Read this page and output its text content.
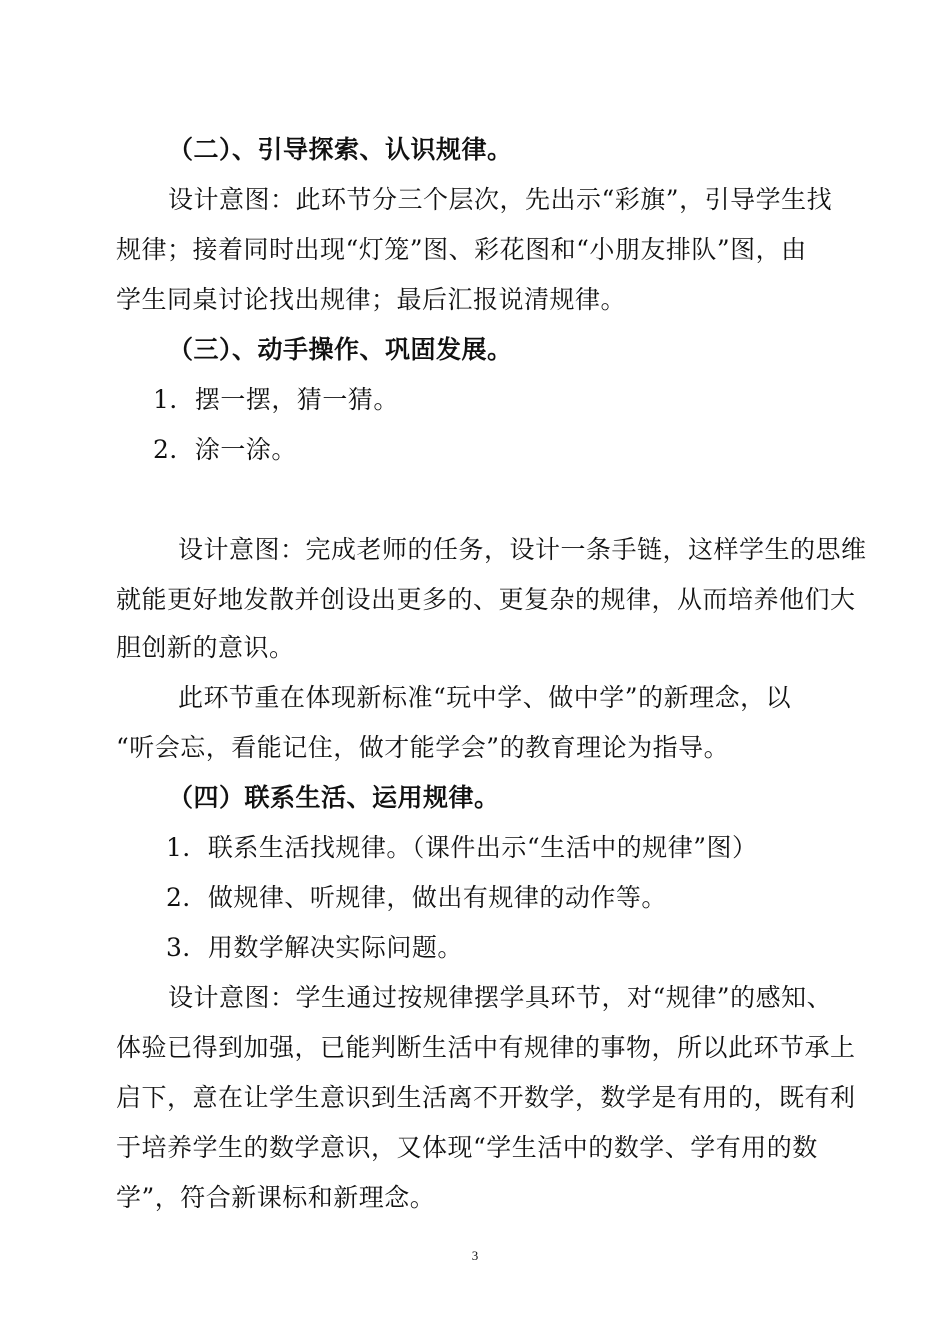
（二）、引导探索、认识规律。
设计意图：此环节分三个层次，先出示“彩旗”，引导学生找
规律；接着同时出现“灯笼”图、彩花图和“小朋友排队”图，由
学生同桌讨论找出规律；最后汇报说清规律。
（三）、动手操作、巩固发展。
1．摆一摆，猜一猜。
2．涂一涂。
设计意图：完成老师的任务，设计一条手链，这样学生的思维
就能更好地发散并创设出更多的、更复杂的规律，从而培养他们大
胆创新的意识。
此环节重在体现新标准“玩中学、做中学”的新理念，以
“听会忘，看能记住，做才能学会”的教育理论为指导。
（四）联系生活、运用规律。
1．联系生活找规律。（课件出示“生活中的规律”图）
2．做规律、听规律，做出有规律的动作等。
3．用数学解决实际问题。
设计意图：学生通过按规律摆学具环节，对“规律”的感知、
体验已得到加强，已能判断生活中有规律的事物，所以此环节承上
启下，意在让学生意识到生活离不开数学，数学是有用的，既有利
于培养学生的数学意识，又体现“学生活中的数学、学有用的数
学”，符合新课标和新理念。
3
